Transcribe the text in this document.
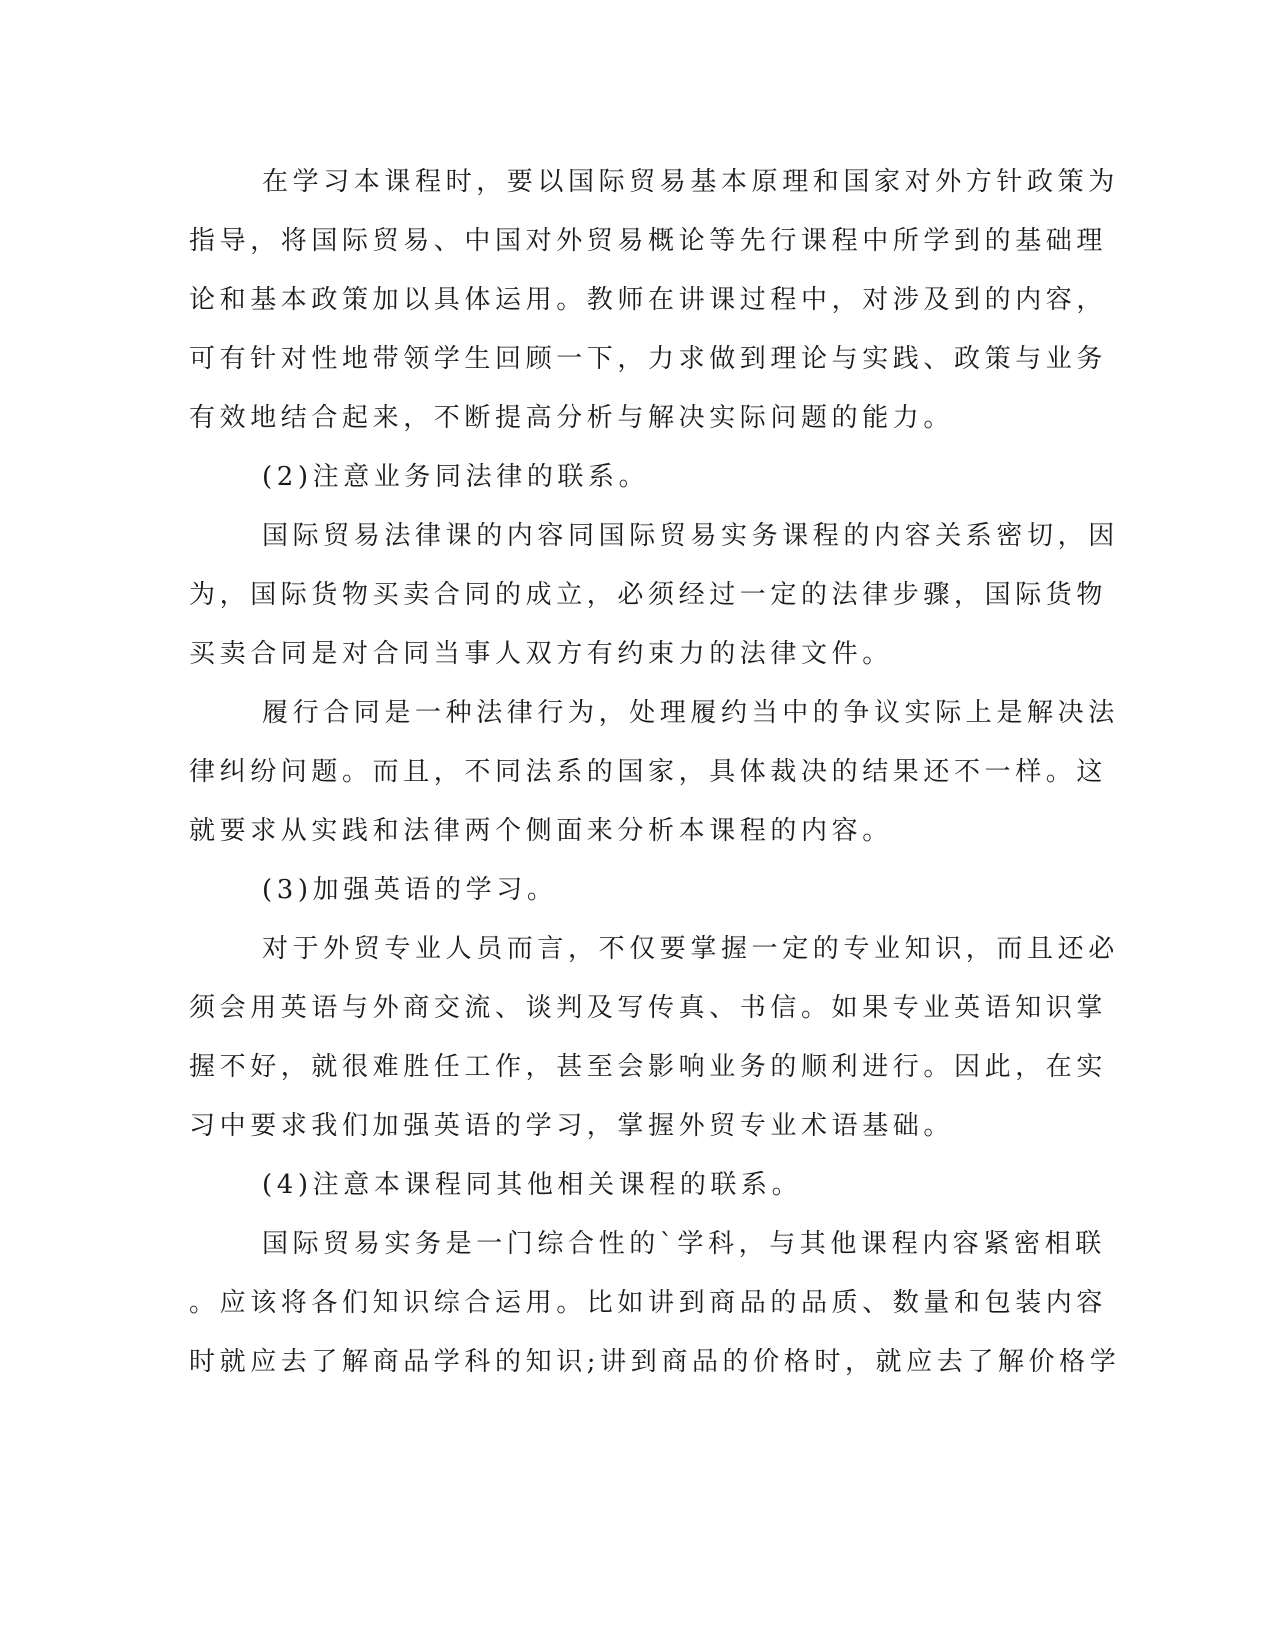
在学习本课程时，要以国际贸易基本原理和国家对外方针政策为

指导，将国际贸易、中国对外贸易概论等先行课程中所学到的基础理

论和基本政策加以具体运用。教师在讲课过程中，对涉及到的内容，

可有针对性地带领学生回顾一下，力求做到理论与实践、政策与业务

有效地结合起来，不断提高分析与解决实际问题的能力。

(2)注意业务同法律的联系。

国际贸易法律课的内容同国际贸易实务课程的内容关系密切，因

为，国际货物买卖合同的成立，必须经过一定的法律步骤，国际货物

买卖合同是对合同当事人双方有约束力的法律文件。

履行合同是一种法律行为，处理履约当中的争议实际上是解决法

律纠纷问题。而且，不同法系的国家，具体裁决的结果还不一样。这

就要求从实践和法律两个侧面来分析本课程的内容。

(3)加强英语的学习。

对于外贸专业人员而言，不仅要掌握一定的专业知识，而且还必

须会用英语与外商交流、谈判及写传真、书信。如果专业英语知识掌

握不好，就很难胜任工作，甚至会影响业务的顺利进行。因此，在实

习中要求我们加强英语的学习，掌握外贸专业术语基础。

(4)注意本课程同其他相关课程的联系。

国际贸易实务是一门综合性的`学科，与其他课程内容紧密相联

。应该将各们知识综合运用。比如讲到商品的品质、数量和包装内容

时就应去了解商品学科的知识;讲到商品的价格时，就应去了解价格学
